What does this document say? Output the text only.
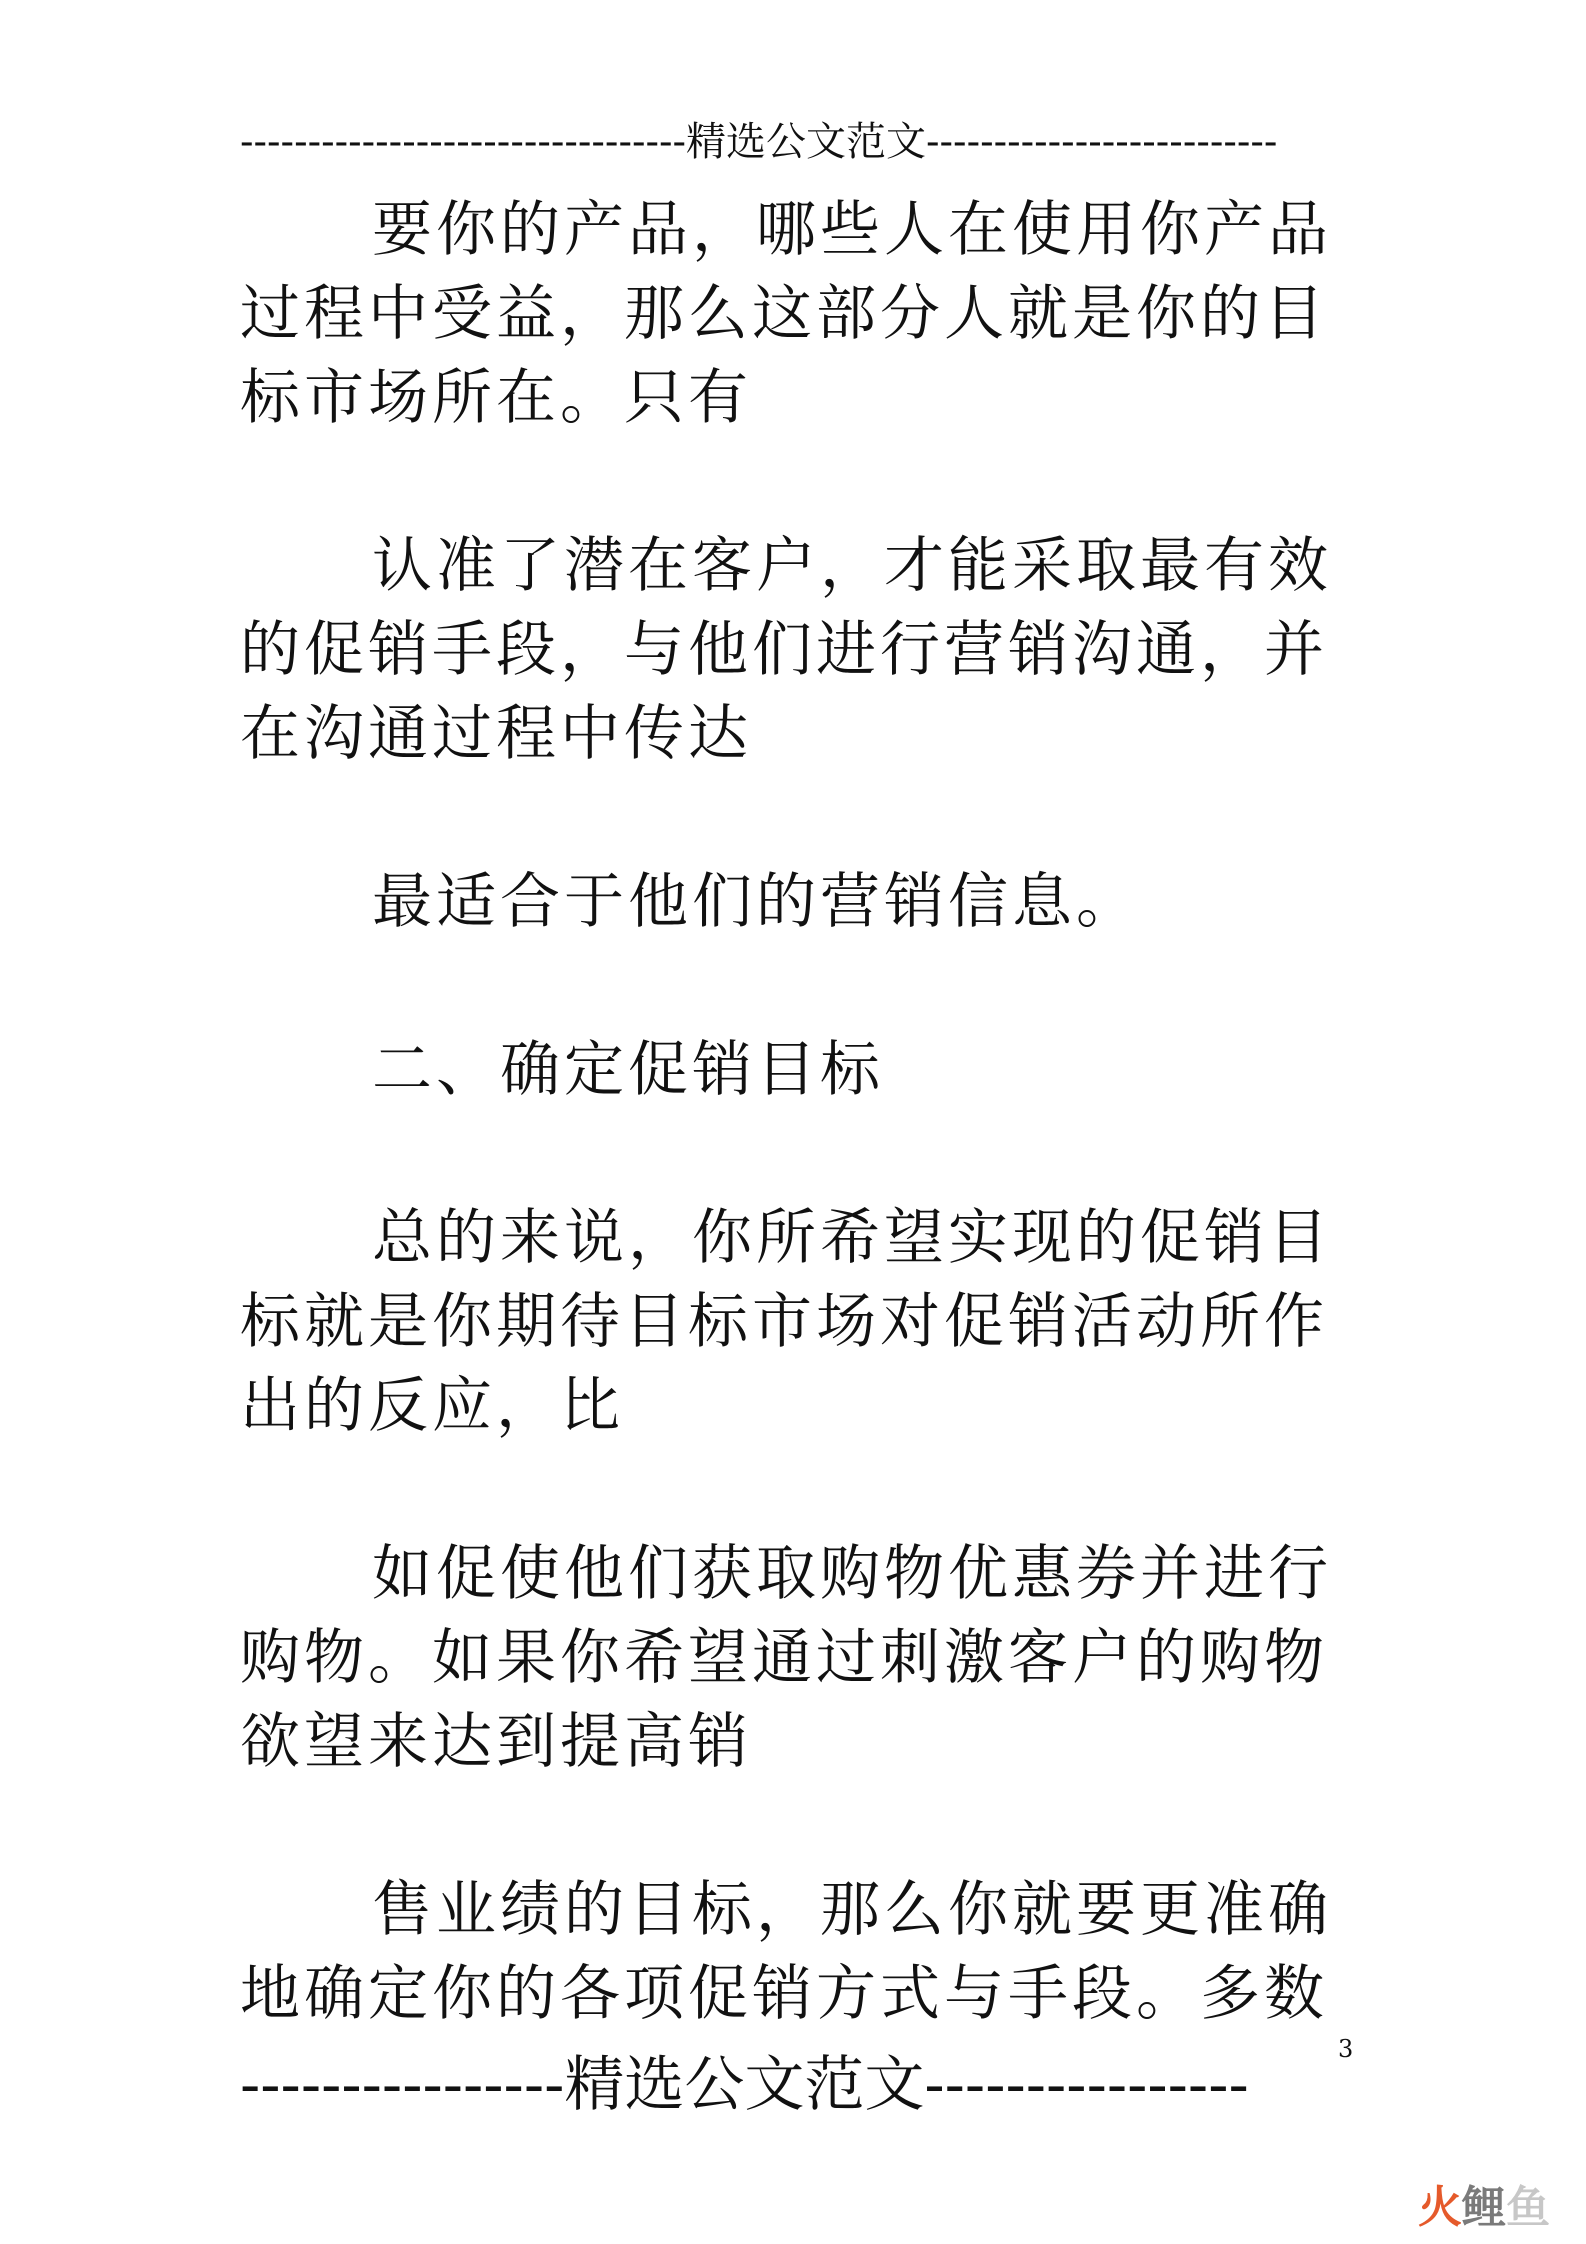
---------------------------------精选公文范文--------------------------

要你的产品，哪些人在使用你产品过程中受益，那么这部分人就是你的目标市场所在。只有

认准了潜在客户，才能采取最有效的促销手段，与他们进行营销沟通，并在沟通过程中传达

最适合于他们的营销信息。

二、确定促销目标

总的来说，你所希望实现的促销目标就是你期待目标市场对促销活动所作出的反应，比

如促使他们获取购物优惠券并进行购物。如果你希望通过刺激客户的购物欲望来达到提高销

售业绩的目标，那么你就要更准确地确定你的各项促销方式与手段。多数

3
----------------精选公文范文----------------
火鲤鱼
